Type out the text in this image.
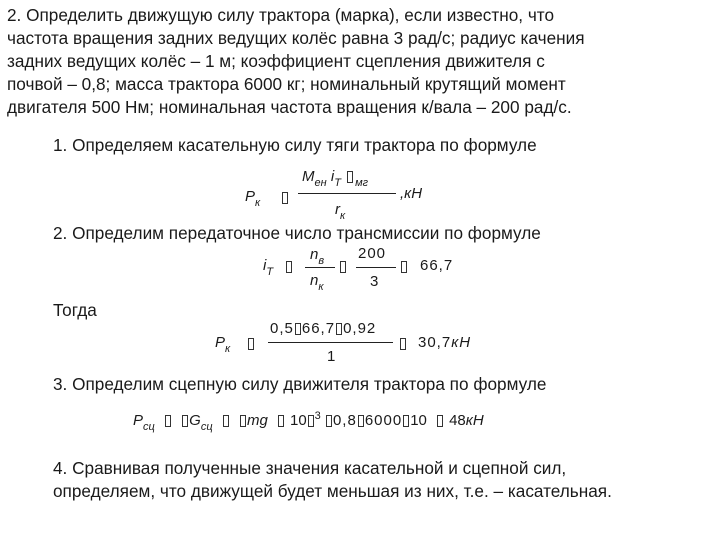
2. Определить движущую силу трактора (марка), если известно, что
частота вращения задних ведущих колёс равна 3 рад/с; радиус качения
задних ведущих колёс – 1 м; коэффициент сцепления движителя с
почвой – 0,8; масса трактора 6000 кг; номинальный крутящий момент
двигателя 500 Нм; номинальная частота вращения к/вала – 200 рад/с.
1. Определяем касательную силу тяги трактора по формуле
$P_к$
$M_{eн}$ $i_T$ $_{мг}$
$r_к$
,кН
2. Определим передаточное число трансмиссии по формуле
$i_T$
$n_в$
$n_к$
200
3
66,7
Тогда
$P_к$
0,5 66,7 0,92
1
30,7кН
3. Определим сцепную силу движителя трактора по формуле
$P_{сц}$ $G_{сц}$ mg 10 $^3$ 0,8 6000 10 48кН
4. Сравнивая полученные значения касательной и сцепной сил,
определяем, что движущей будет меньшая из них, т.е. – касательная.
